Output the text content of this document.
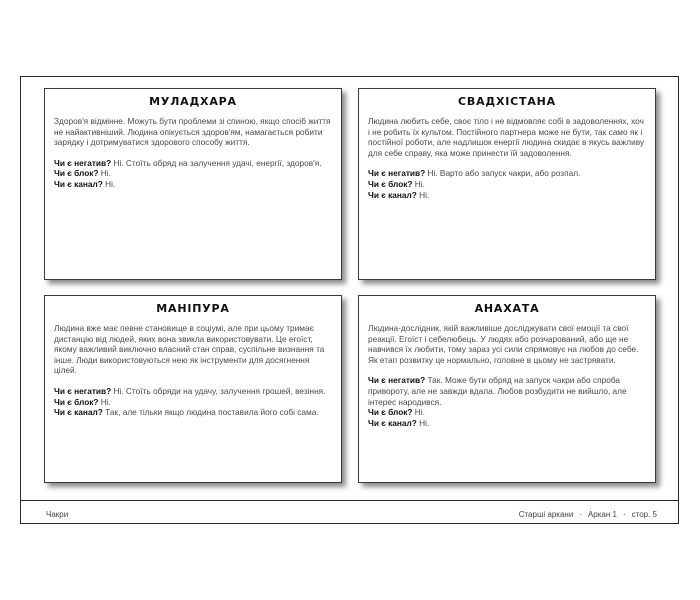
МУЛАДХАРА

Здоров'я відмінне. Можуть бути проблеми зі спиною, якщо спосіб життя не найактивніший. Людина опікується здоров'ям, намагається робити зарядку і дотримуватися здорового способу життя.

Чи є негатив? Ні. Стоїть обряд на залучення удачі, енергії, здоров'я.

Чи є блок? Ні.

Чи є канал? Ні.

СВАДХІСТАНА

Людина любить себе, своє тіло і не відмовляє собі в задоволеннях, хоч і не робить їх культом. Постійного партнера може не бути, так само як і постійної роботи, але надлишок енергії людина скидає в якусь важливу для себе справу, яка може принести їй задоволення.

Чи є негатив? Ні. Варто або запуск чакри, або розпал.

Чи є блок? Ні.

Чи є канал? Ні.

МАНІПУРА

Людина вже має певне становище в соціумі, але при цьому тримає дистанцію від людей, яких вона звикла використовувати. Це егоїст, якому важливий виключно власний стан справ, суспільне визнання та інше. Люди використовуються нею як інструменти для досягнення цілей.

Чи є негатив? Ні. Стоїть обряди на удачу, залучення грошей, везіння.

Чи є блок? Ні.

Чи є канал? Так, але тільки якщо людина поставила його собі сама.

АНАХАТА

Людина-дослідник, якій важливіше досліджувати свої емоції та свої реакції. Егоїст і себелюбець. У людях або розчарований, або ще не навчився їх любити, тому зараз усі сили спрямовує на любов до себе. Як етап розвитку це нормально, головне в цьому не застрявати.

Чи є негатив? Так. Може бути обряд на запуск чакри або спроба привороту, але не завжди вдала. Любов розбудити не вийшло, але інтерес народився.

Чи є блок? Ні.

Чи є канал? Ні.

Чакри	Старші аркани · Аркан 1 · стор. 5
